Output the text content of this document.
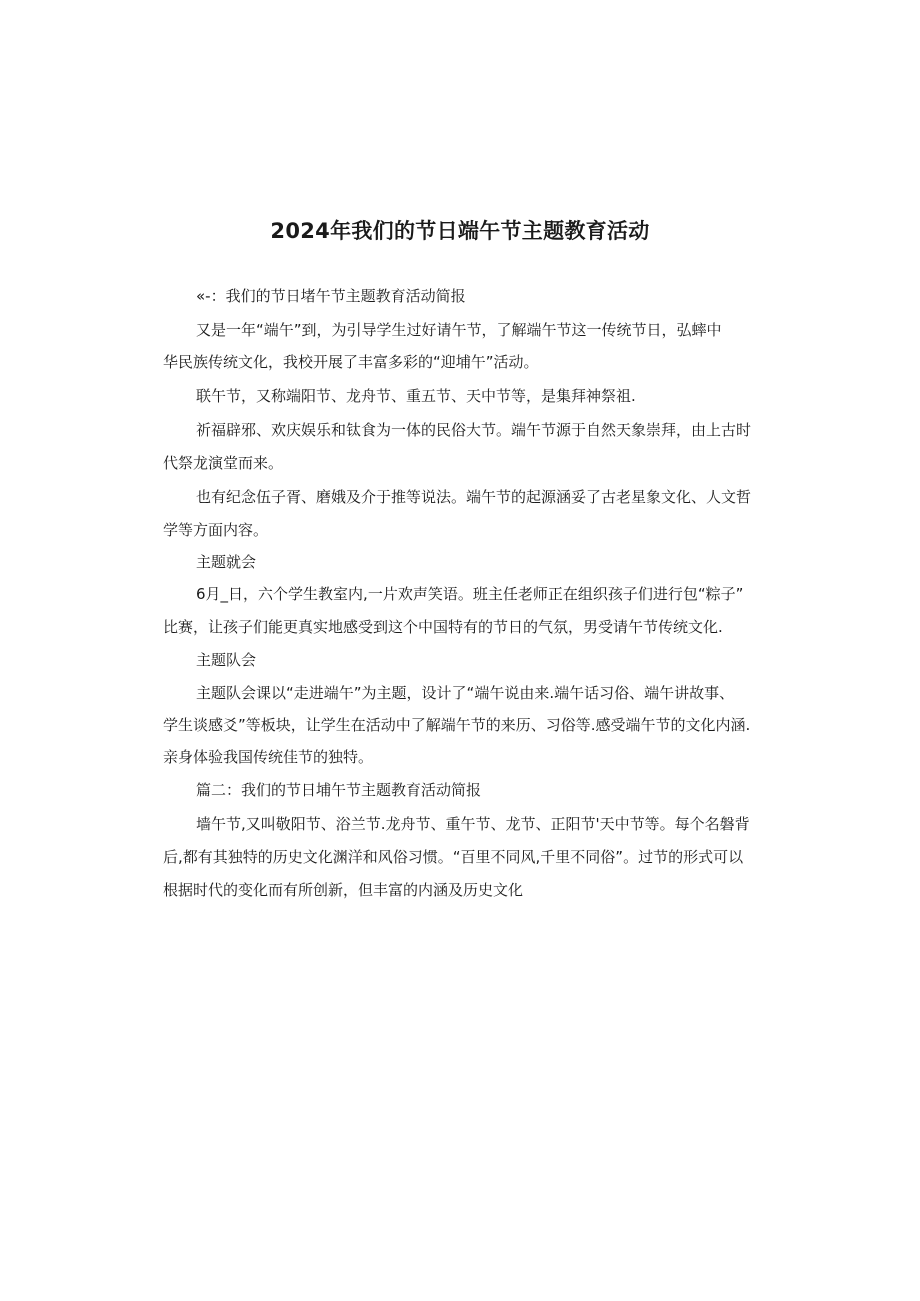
2024年我们的节日端午节主题教育活动
«-：我们的节日堵午节主题教育活动简报
又是一年“端午”到，为引导学生过好请午节，了解端午节这一传统节日，弘蟀中
华民族传统文化，我校开展了丰富多彩的“迎埔午”活动。
联午节，又称端阳节、龙舟节、重五节、天中节等，是集拜神祭祖.
祈福辟邪、欢庆娱乐和钛食为一体的民俗大节。端午节源于自然天象崇拜，由上古时
代祭龙演堂而来。
也有纪念伍子胥、磨娥及介于推等说法。端午节的起源涵妥了古老星象文化、人文哲
学等方面内容。
主题就会
6月_日，六个学生教室内,一片欢声笑语。班主任老师正在组织孩子们进行包“粽子”
比赛，让孩子们能更真实地感受到这个中国特有的节日的气氛，男受请午节传统文化.
主题队会
主题队会课以“走进端午”为主题，设计了“端午说由来.端午话习俗、端午讲故事、
学生谈感爻”等板块，让学生在活动中了解端午节的来历、习俗等.感受端午节的文化内涵.
亲身体验我国传统佳节的独特。
篇二：我们的节日埔午节主题教育活动简报
墙午节,又叫敬阳节、浴兰节.龙舟节、重午节、龙节、正阳节'天中节等。每个名磐背
后,都有其独特的历史文化渊洋和风俗习惯。“百里不同风,千里不同俗”。过节的形式可以
根据时代的变化而有所创新，但丰富的内涵及历史文化
